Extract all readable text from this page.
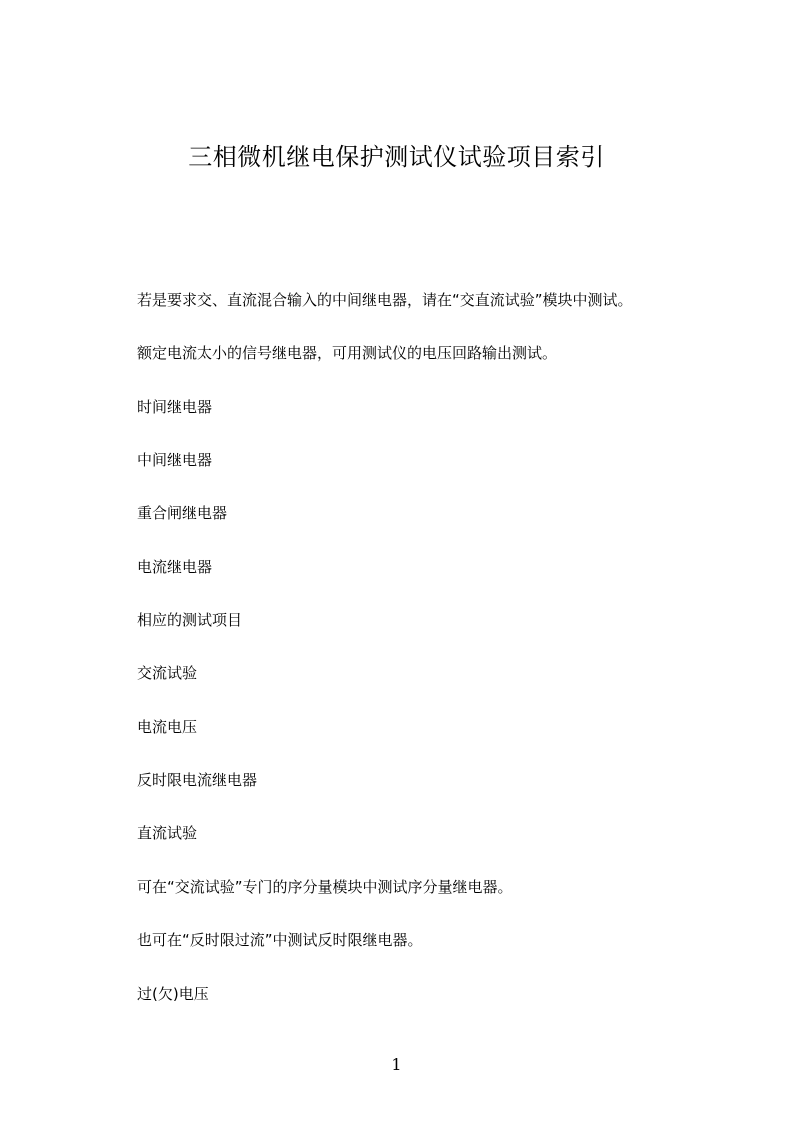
三相微机继电保护测试仪试验项目索引
若是要求交、直流混合输入的中间继电器，请在“交直流试验”模块中测试。
额定电流太小的信号继电器，可用测试仪的电压回路输出测试。
时间继电器
中间继电器
重合闸继电器
电流继电器
相应的测试项目
交流试验
电流电压
反时限电流继电器
直流试验
可在“交流试验”专门的序分量模块中测试序分量继电器。
也可在“反时限过流”中测试反时限继电器。
过(欠)电压
1
